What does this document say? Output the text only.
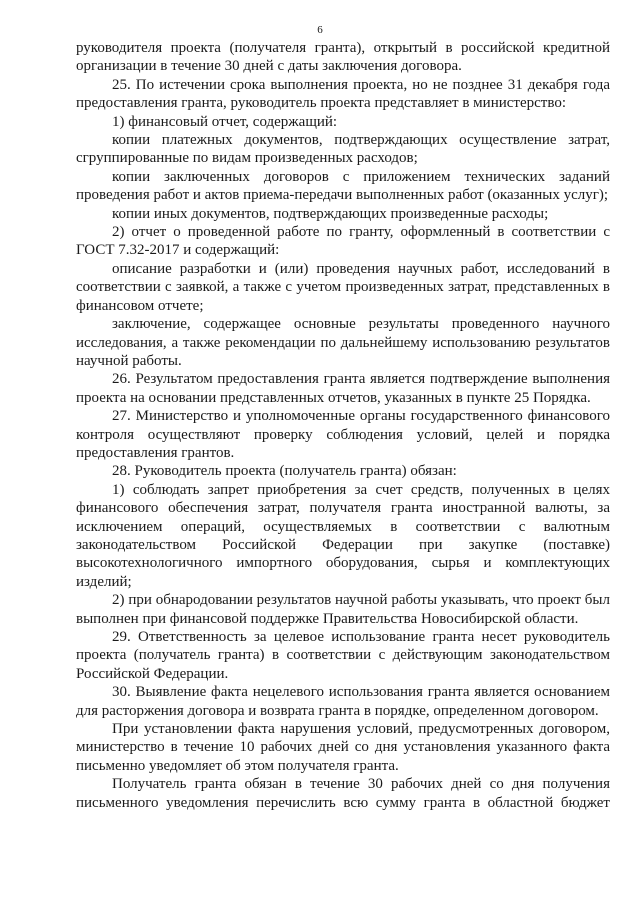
6

руководителя проекта (получателя гранта), открытый в российской кредитной организации в течение 30 дней с даты заключения договора.

25. По истечении срока выполнения проекта, но не позднее 31 декабря года предоставления гранта, руководитель проекта представляет в министерство:

1) финансовый отчет, содержащий:

копии платежных документов, подтверждающих осуществление затрат, сгруппированные по видам произведенных расходов;

копии заключенных договоров с приложением технических заданий проведения работ и актов приема-передачи выполненных работ (оказанных услуг);

копии иных документов, подтверждающих произведенные расходы;

2) отчет о проведенной работе по гранту, оформленный в соответствии с ГОСТ 7.32-2017 и содержащий:

описание разработки и (или) проведения научных работ, исследований в соответствии с заявкой, а также с учетом произведенных затрат, представленных в финансовом отчете;

заключение, содержащее основные результаты проведенного научного исследования, а также рекомендации по дальнейшему использованию результатов научной работы.

26. Результатом предоставления гранта является подтверждение выполнения проекта на основании представленных отчетов, указанных в пункте 25 Порядка.

27. Министерство и уполномоченные органы государственного финансового контроля осуществляют проверку соблюдения условий, целей и порядка предоставления грантов.

28. Руководитель проекта (получатель гранта) обязан:

1) соблюдать запрет приобретения за счет средств, полученных в целях финансового обеспечения затрат, получателя гранта иностранной валюты, за исключением операций, осуществляемых в соответствии с валютным законодательством Российской Федерации при закупке (поставке) высокотехнологичного импортного оборудования, сырья и комплектующих изделий;

2) при обнародовании результатов научной работы указывать, что проект был выполнен при финансовой поддержке Правительства Новосибирской области.

29. Ответственность за целевое использование гранта несет руководитель проекта (получатель гранта) в соответствии с действующим законодательством Российской Федерации.

30. Выявление факта нецелевого использования гранта является основанием для расторжения договора и возврата гранта в порядке, определенном договором.

При установлении факта нарушения условий, предусмотренных договором, министерство в течение 10 рабочих дней со дня установления указанного факта письменно уведомляет об этом получателя гранта.

Получатель гранта обязан в течение 30 рабочих дней со дня получения письменного уведомления перечислить всю сумму гранта в областной бюджет
